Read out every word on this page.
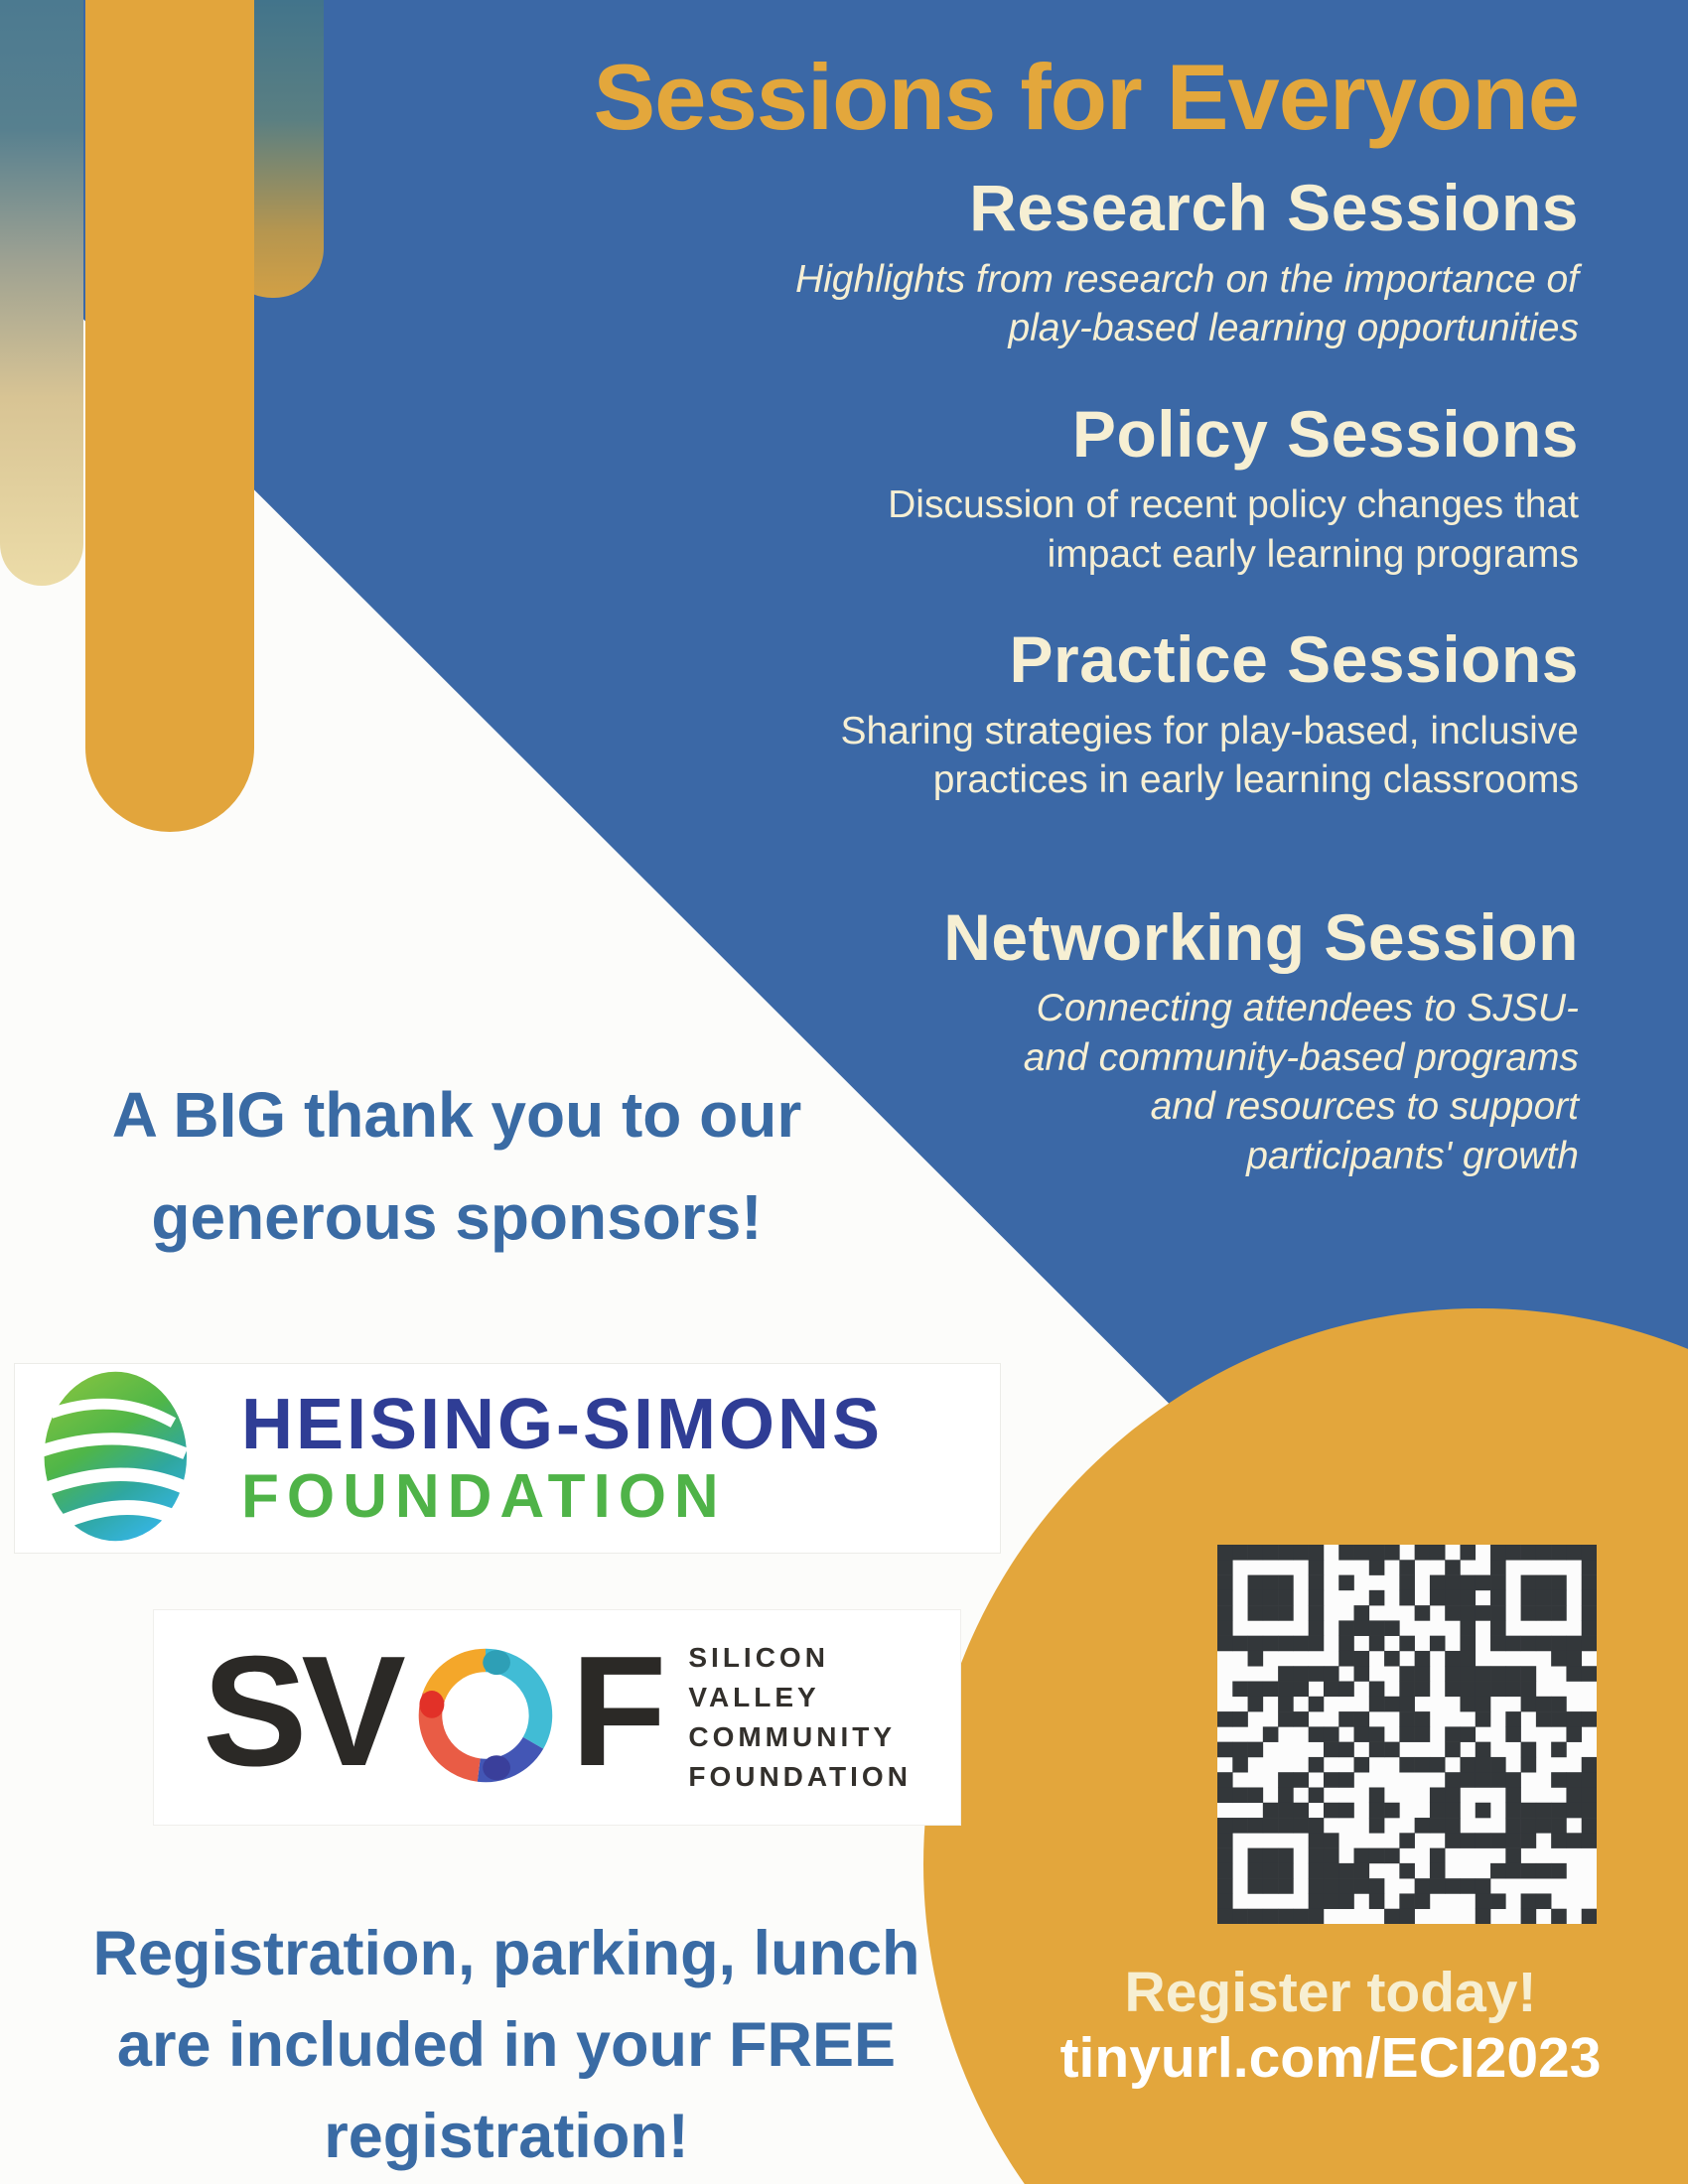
Sessions for Everyone
Research Sessions
Highlights from research on the importance of
play-based learning opportunities
Policy Sessions
Discussion of recent policy changes that
impact early learning programs
Practice Sessions
Sharing strategies for play-based, inclusive
practices in early learning classrooms
Networking Session
Connecting attendees to SJSU-
and community-based programs
and resources to support
participants' growth
A BIG thank you to our
generous sponsors!
HEISING-SIMONS
FOUNDATION
SV F SILICON
VALLEY
COMMUNITY
FOUNDATION
Registration, parking, lunch
are included in your FREE
registration!
Register today!
tinyurl.com/ECI2023
